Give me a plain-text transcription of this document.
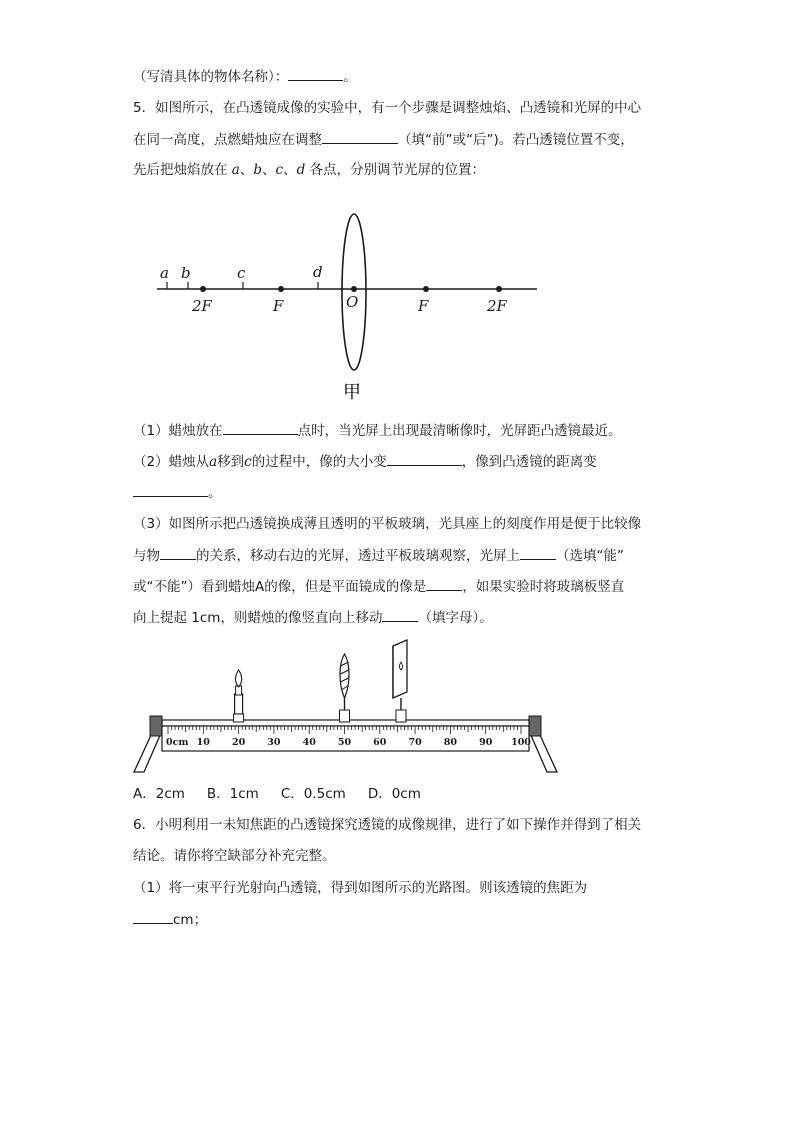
（写清具体的物体名称）：	。
5．如图所示，在凸透镜成像的实验中，有一个步骤是调整烛焰、凸透镜和光屏的中心
在同一高度，点燃蜡烛应在调整	（填“前”或“后”)。若凸透镜位置不变，
先后把烛焰放在 a、b、c、d 各点，分别调节光屏的位置：
a b	c	d
2F	F	O	F	2F
甲
（1）蜡烛放在	点时，当光屏上出现最清晰像时，光屏距凸透镜最近。
（2）蜡烛从a移到c的过程中，像的大小变	，像到凸透镜的距离变
。
（3）如图所示把凸透镜换成薄且透明的平板玻璃，光具座上的刻度作用是便于比较像
与物	的关系，移动右边的光屏，透过平板玻璃观察，光屏上	（选填“能”
或“不能”）看到蜡烛A的像，但是平面镜成的像是	，如果实验时将玻璃板竖直
向上提起 1cm，则蜡烛的像竖直向上移动	（填字母）。
0cm 10 20 30 40 50 60 70 80 90 100
A．2cm B．1cm C．0.5cm D．0cm
6．小明利用一未知焦距的凸透镜探究透镜的成像规律，进行了如下操作并得到了相关
结论。请你将空缺部分补充完整。
（1）将一束平行光射向凸透镜，得到如图所示的光路图。则该透镜的焦距为
cm；
